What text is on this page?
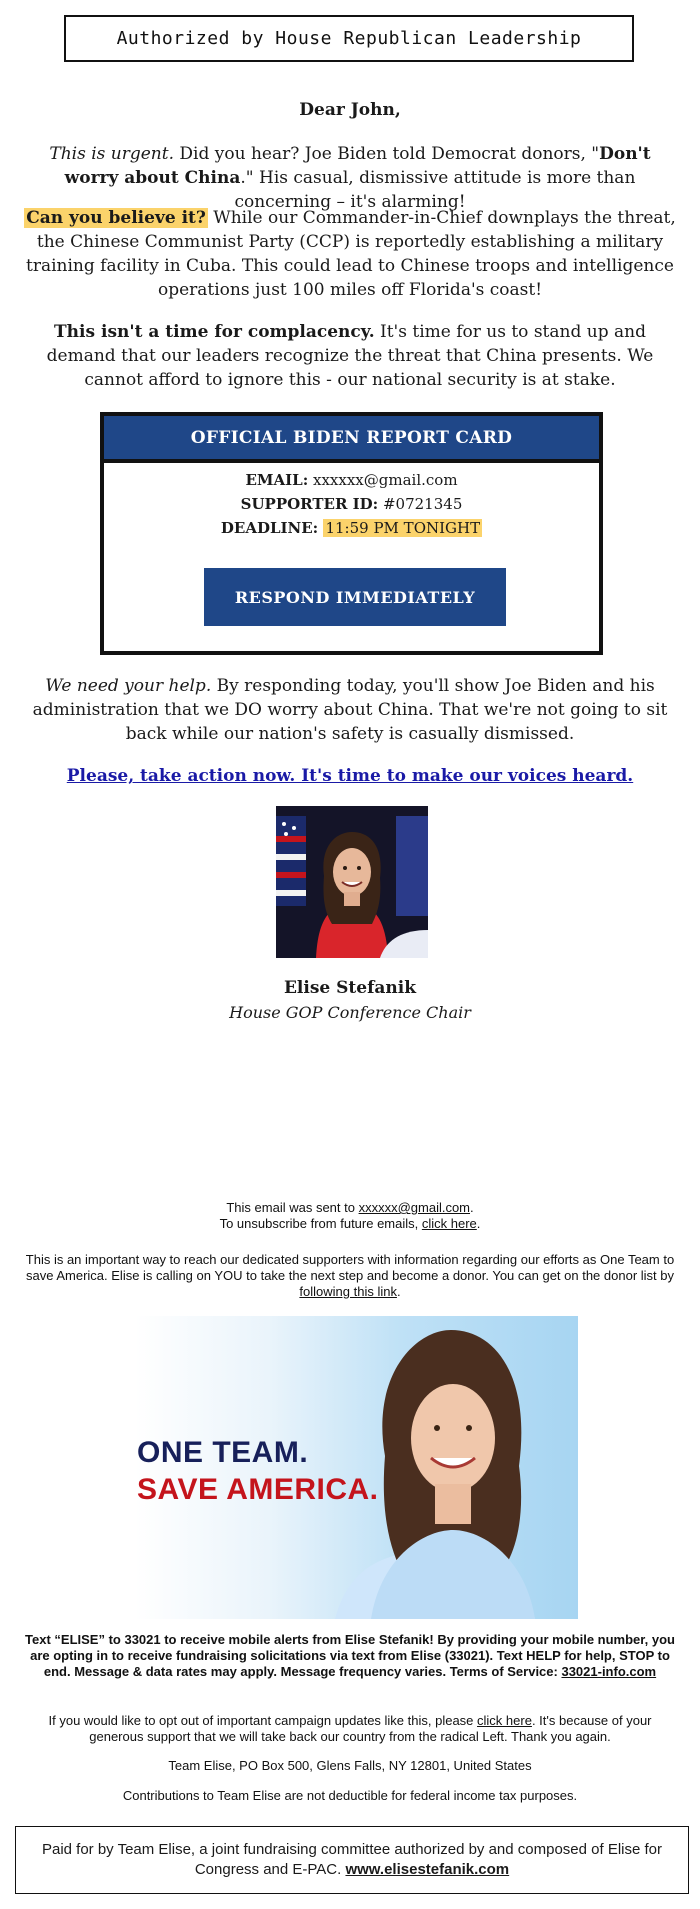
Authorized by House Republican Leadership
Dear John,
This is urgent. Did you hear? Joe Biden told Democrat donors, "Don't worry about China." His casual, dismissive attitude is more than concerning – it's alarming!
Can you believe it? While our Commander-in-Chief downplays the threat, the Chinese Communist Party (CCP) is reportedly establishing a military training facility in Cuba. This could lead to Chinese troops and intelligence operations just 100 miles off Florida's coast!
This isn't a time for complacency. It's time for us to stand up and demand that our leaders recognize the threat that China presents. We cannot afford to ignore this - our national security is at stake.
OFFICIAL BIDEN REPORT CARD
EMAIL: xxxxxx@gmail.com
SUPPORTER ID: #0721345
DEADLINE: 11:59 PM TONIGHT
RESPOND IMMEDIATELY
We need your help. By responding today, you'll show Joe Biden and his administration that we DO worry about China. That we're not going to sit back while our nation's safety is casually dismissed.
Please, take action now. It's time to make our voices heard.
Elise Stefanik
House GOP Conference Chair
This email was sent to xxxxxx@gmail.com.
To unsubscribe from future emails, click here.
This is an important way to reach our dedicated supporters with information regarding our efforts as One Team to save America. Elise is calling on YOU to take the next step and become a donor. You can get on the donor list by following this link.
ONE TEAM.
SAVE AMERICA.
Text “ELISE” to 33021 to receive mobile alerts from Elise Stefanik! By providing your mobile number, you are opting in to receive fundraising solicitations via text from Elise (33021). Text HELP for help, STOP to end. Message & data rates may apply. Message frequency varies. Terms of Service: 33021-info.com
If you would like to opt out of important campaign updates like this, please click here. It's because of your generous support that we will take back our country from the radical Left. Thank you again.
Team Elise, PO Box 500, Glens Falls, NY 12801, United States
Contributions to Team Elise are not deductible for federal income tax purposes.
Paid for by Team Elise, a joint fundraising committee authorized by and composed of Elise for Congress and E-PAC. www.elisestefanik.com
